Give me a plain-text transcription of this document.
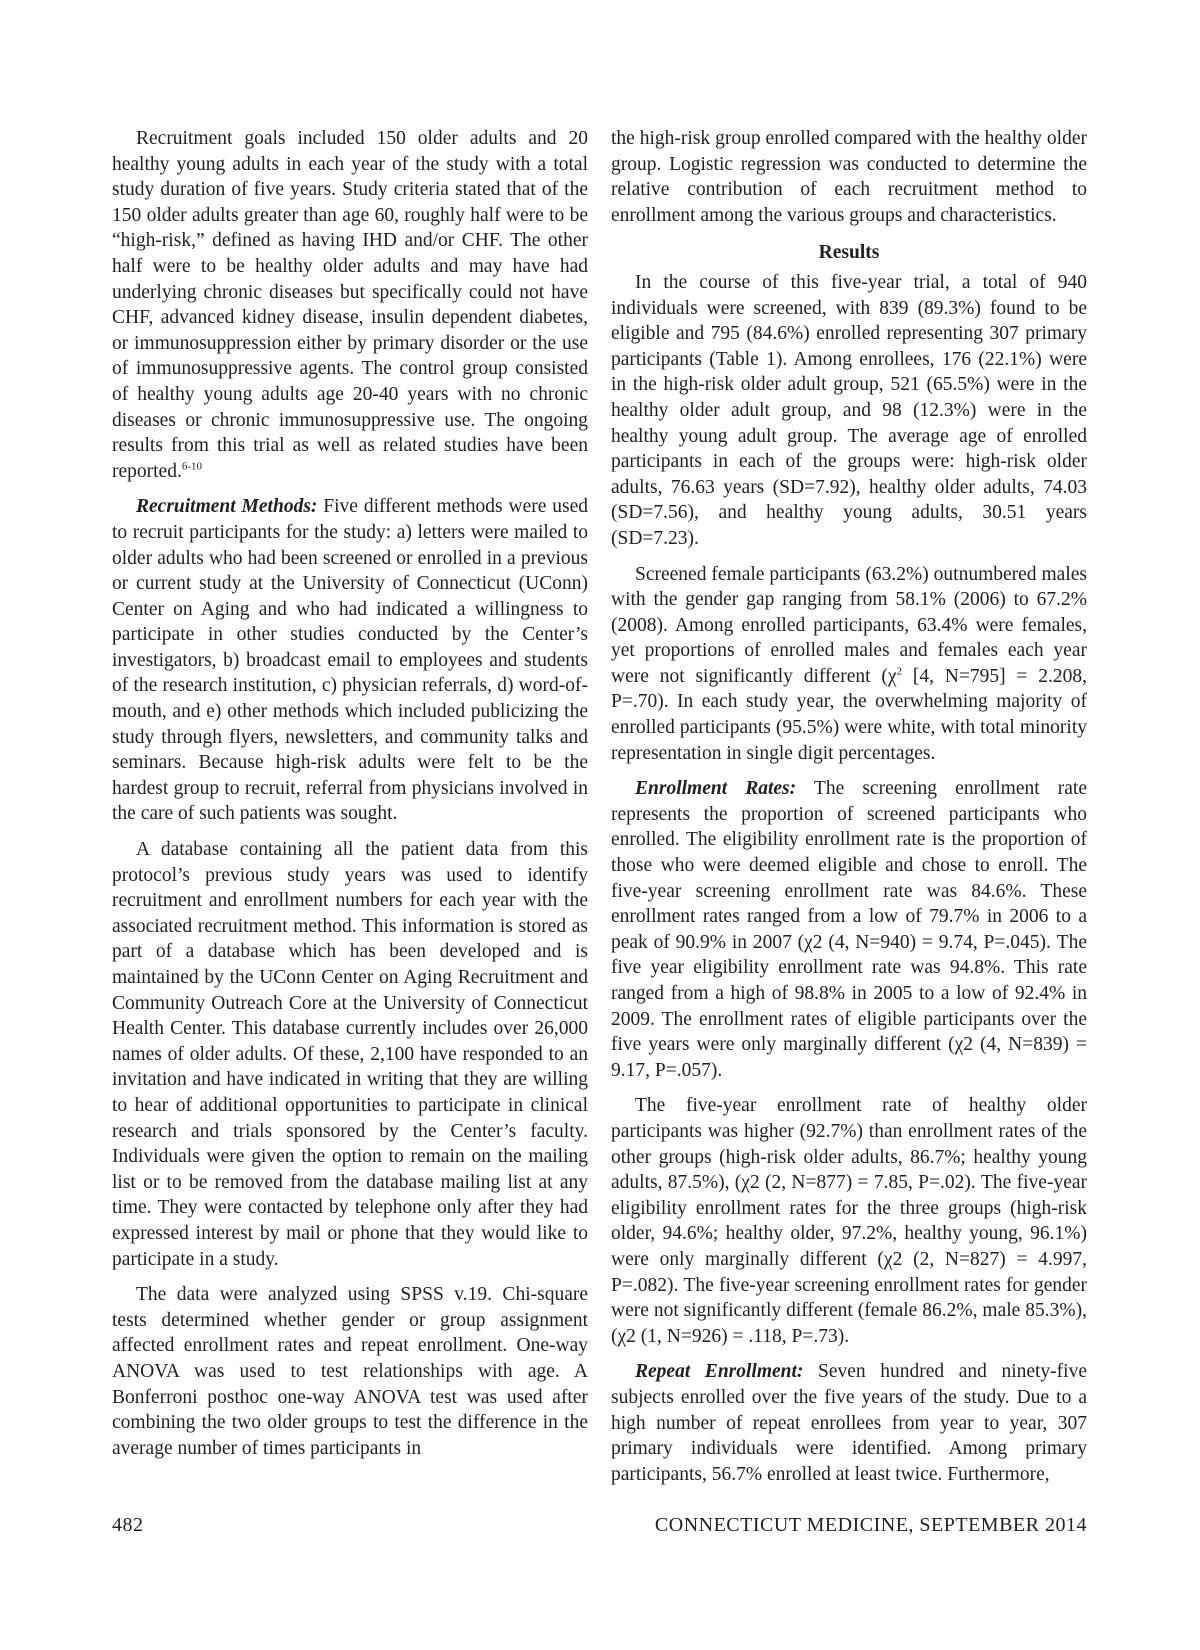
Recruitment goals included 150 older adults and 20 healthy young adults in each year of the study with a total study duration of five years. Study criteria stated that of the 150 older adults greater than age 60, roughly half were to be “high-risk,” defined as having IHD and/or CHF. The other half were to be healthy older adults and may have had underlying chronic diseases but specifically could not have CHF, advanced kidney disease, insulin dependent diabetes, or immunosuppression either by primary disorder or the use of immunosuppressive agents. The control group consisted of healthy young adults age 20-40 years with no chronic diseases or chronic immunosuppressive use. The ongoing results from this trial as well as related studies have been reported.$^{6-10}$

Recruitment Methods: Five different methods were used to recruit participants for the study: a) letters were mailed to older adults who had been screened or enrolled in a previous or current study at the University of Connecticut (UConn) Center on Aging and who had indicated a willingness to participate in other studies conducted by the Center’s investigators, b) broadcast email to employees and students of the research institution, c) physician referrals, d) word-of-mouth, and e) other methods which included publicizing the study through flyers, newsletters, and community talks and seminars. Because high-risk adults were felt to be the hardest group to recruit, referral from physicians involved in the care of such patients was sought.

A database containing all the patient data from this protocol’s previous study years was used to identify recruitment and enrollment numbers for each year with the associated recruitment method. This information is stored as part of a database which has been developed and is maintained by the UConn Center on Aging Recruitment and Community Outreach Core at the University of Connecticut Health Center. This database currently includes over 26,000 names of older adults. Of these, 2,100 have responded to an invitation and have indicated in writing that they are willing to hear of additional opportunities to participate in clinical research and trials sponsored by the Center’s faculty. Individuals were given the option to remain on the mailing list or to be removed from the database mailing list at any time. They were contacted by telephone only after they had expressed interest by mail or phone that they would like to participate in a study.

The data were analyzed using SPSS v.19. Chi-square tests determined whether gender or group assignment affected enrollment rates and repeat enrollment. One-way ANOVA was used to test relationships with age. A Bonferroni posthoc one-way ANOVA test was used after combining the two older groups to test the difference in the average number of times participants in

the high-risk group enrolled compared with the healthy older group. Logistic regression was conducted to determine the relative contribution of each recruitment method to enrollment among the various groups and characteristics.

Results

In the course of this five-year trial, a total of 940 individuals were screened, with 839 (89.3%) found to be eligible and 795 (84.6%) enrolled representing 307 primary participants (Table 1). Among enrollees, 176 (22.1%) were in the high-risk older adult group, 521 (65.5%) were in the healthy older adult group, and 98 (12.3%) were in the healthy young adult group. The average age of enrolled participants in each of the groups were: high-risk older adults, 76.63 years (SD=7.92), healthy older adults, 74.03 (SD=7.56), and healthy young adults, 30.51 years (SD=7.23).

Screened female participants (63.2%) outnumbered males with the gender gap ranging from 58.1% (2006) to 67.2% (2008). Among enrolled participants, 63.4% were females, yet proportions of enrolled males and females each year were not significantly different ($\chi^2$ [4, N=795] = 2.208, P=.70). In each study year, the overwhelming majority of enrolled participants (95.5%) were white, with total minority representation in single digit percentages.

Enrollment Rates: The screening enrollment rate represents the proportion of screened participants who enrolled. The eligibility enrollment rate is the proportion of those who were deemed eligible and chose to enroll. The five-year screening enrollment rate was 84.6%. These enrollment rates ranged from a low of 79.7% in 2006 to a peak of 90.9% in 2007 (χ2 (4, N=940) = 9.74, P=.045). The five year eligibility enrollment rate was 94.8%. This rate ranged from a high of 98.8% in 2005 to a low of 92.4% in 2009. The enrollment rates of eligible participants over the five years were only marginally different (χ2 (4, N=839) = 9.17, P=.057).

The five-year enrollment rate of healthy older participants was higher (92.7%) than enrollment rates of the other groups (high-risk older adults, 86.7%; healthy young adults, 87.5%), (χ2 (2, N=877) = 7.85, P=.02). The five-year eligibility enrollment rates for the three groups (high-risk older, 94.6%; healthy older, 97.2%, healthy young, 96.1%) were only marginally different (χ2 (2, N=827) = 4.997, P=.082). The five-year screening enrollment rates for gender were not significantly different (female 86.2%, male 85.3%), (χ2 (1, N=926) = .118, P=.73).

Repeat Enrollment: Seven hundred and ninety-five subjects enrolled over the five years of the study. Due to a high number of repeat enrollees from year to year, 307 primary individuals were identified. Among primary participants, 56.7% enrolled at least twice. Furthermore,

482	CONNECTICUT MEDICINE, SEPTEMBER 2014
